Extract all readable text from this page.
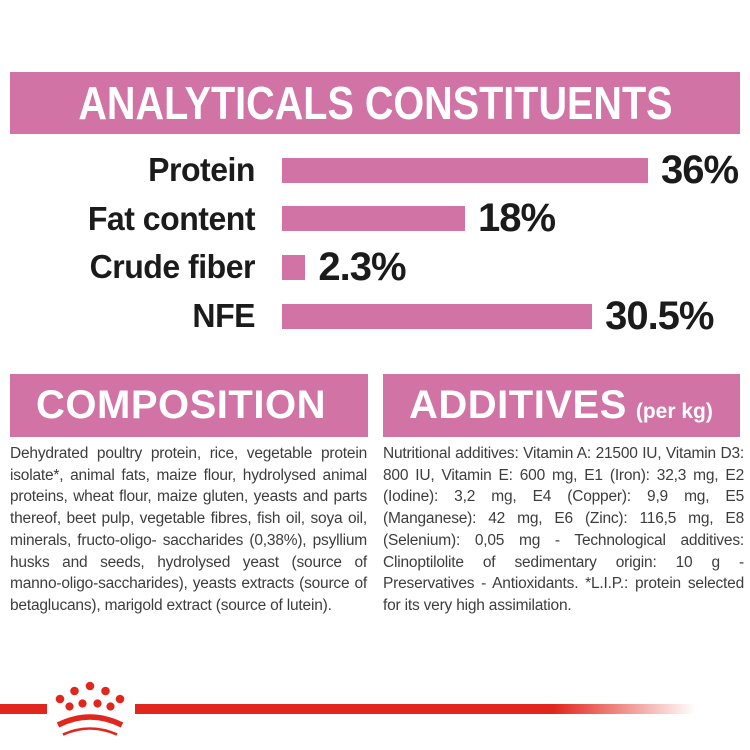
ANALYTICALS CONSTITUENTS
Protein	36%
Fat content	18%
Crude fiber 2.3%
NFE	30.5%
COMPOSITION ADDITIVES (per kg)
Dehydrated poultry protein, rice, vegetable protein isolate*, animal fats, maize flour, hydrolysed animal proteins, wheat flour, maize gluten, yeasts and parts thereof, beet pulp, vegetable fibres, fish oil, soya oil, minerals, fructo-oligo- saccharides (0,38%), psyllium husks and seeds, hydrolysed yeast (source of manno-oligo-saccharides), yeasts extracts (source of betaglucans), marigold extract (source of lutein).
Nutritional additives: Vitamin A: 21500 IU, Vitamin D3: 800 IU, Vitamin E: 600 mg, E1 (Iron): 32,3 mg, E2 (Iodine): 3,2 mg, E4 (Copper): 9,9 mg, E5 (Manganese): 42 mg, E6 (Zinc): 116,5 mg, E8 (Selenium): 0,05 mg - Technological additives: Clinoptilolite of sedimentary origin: 10 g - Preservatives - Antioxidants. *L.I.P.: protein selected for its very high assimilation.
